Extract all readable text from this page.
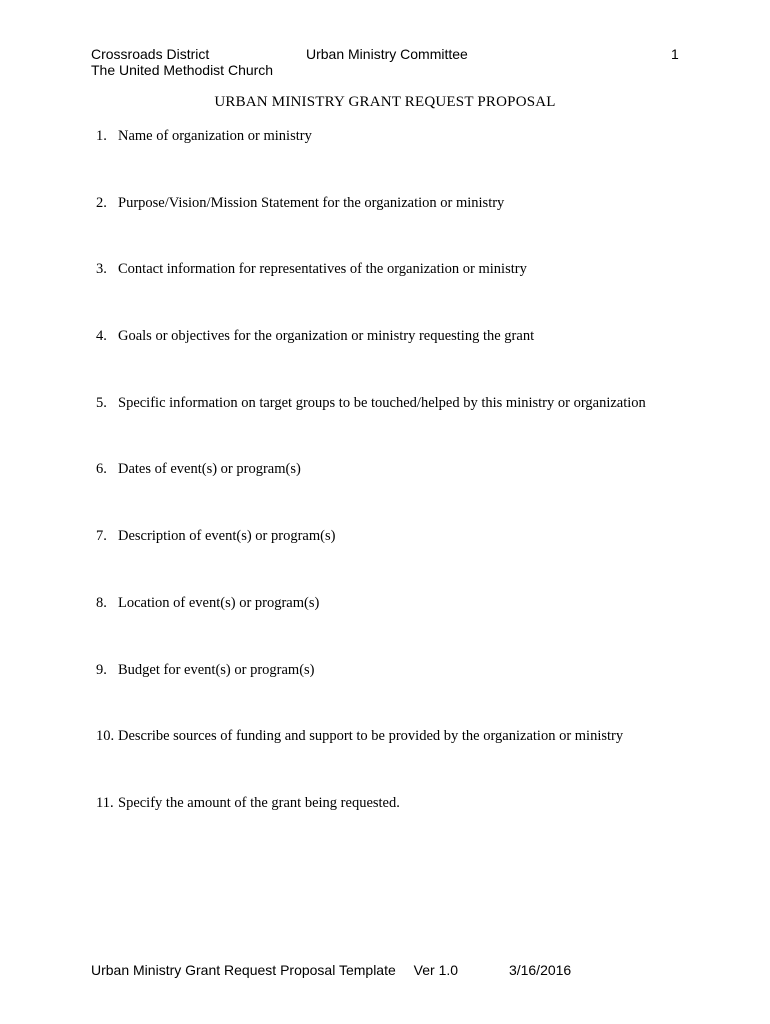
Crossroads District
The United Methodist Church
Urban Ministry Committee	1
URBAN MINISTRY GRANT REQUEST PROPOSAL
1. Name of organization or ministry
2. Purpose/Vision/Mission Statement for the organization or ministry
3. Contact information for representatives of the organization or ministry
4. Goals or objectives for the organization or ministry requesting the grant
5. Specific information on target groups to be touched/helped by this ministry or organization
6. Dates of event(s) or program(s)
7. Description of event(s) or program(s)
8. Location of event(s) or program(s)
9. Budget for event(s) or program(s)
10. Describe sources of funding and support to be provided by the organization or ministry
11. Specify the amount of the grant being requested.
Urban Ministry Grant Request Proposal Template Ver 1.0	3/16/2016
